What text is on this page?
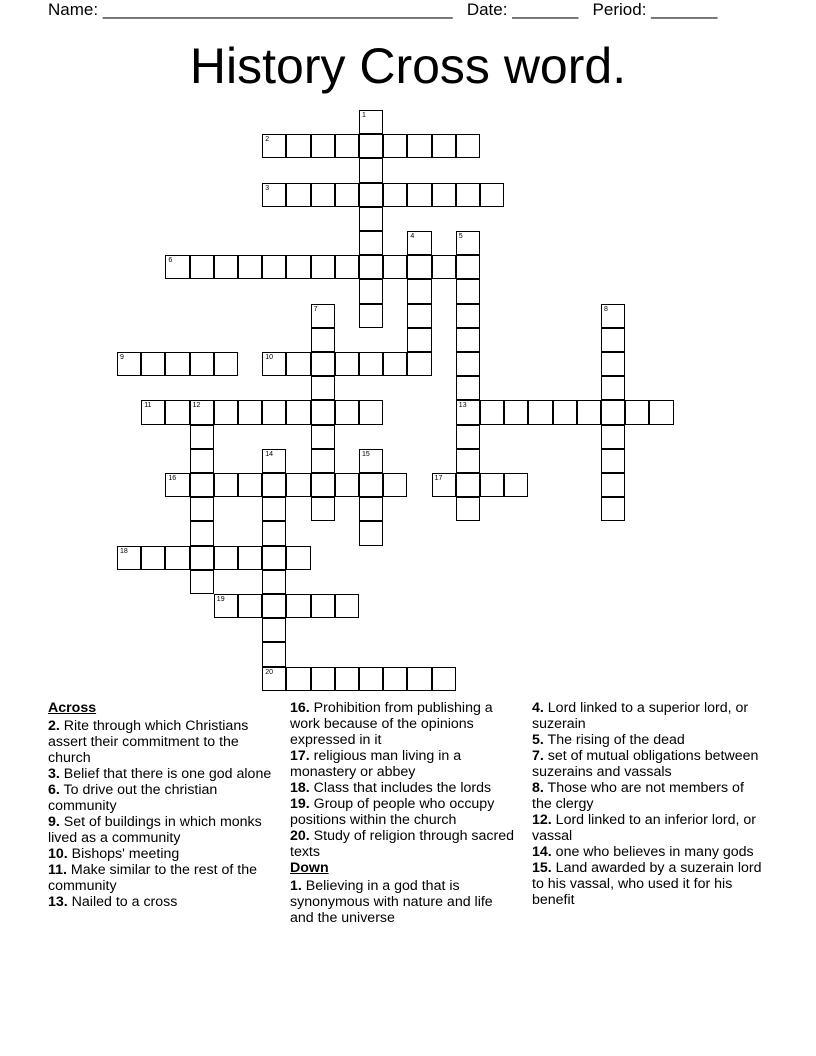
Name: _____________________________________ Date: _______ Period: _______
History Cross word.
1
2
3
4	5
13
6
7	8
9	10
11	12
14
20
15
16	17
18
19
Across
2. Rite through which Christians assert their commitment to the church
3. Belief that there is one god alone
6. To drive out the christian community
9. Set of buildings in which monks lived as a community
10. Bishops' meeting
11. Make similar to the rest of the community
13. Nailed to a cross
16. Prohibition from publishing a work because of the opinions expressed in it
17. religious man living in a monastery or abbey
18. Class that includes the lords
19. Group of people who occupy positions within the church
20. Study of religion through sacred texts
Down
1. Believing in a god that is synonymous with nature and life and the universe
4. Lord linked to a superior lord, or suzerain
5. The rising of the dead
7. set of mutual obligations between suzerains and vassals
8. Those who are not members of the clergy
12. Lord linked to an inferior lord, or vassal
14. one who believes in many gods
15. Land awarded by a suzerain lord to his vassal, who used it for his benefit
